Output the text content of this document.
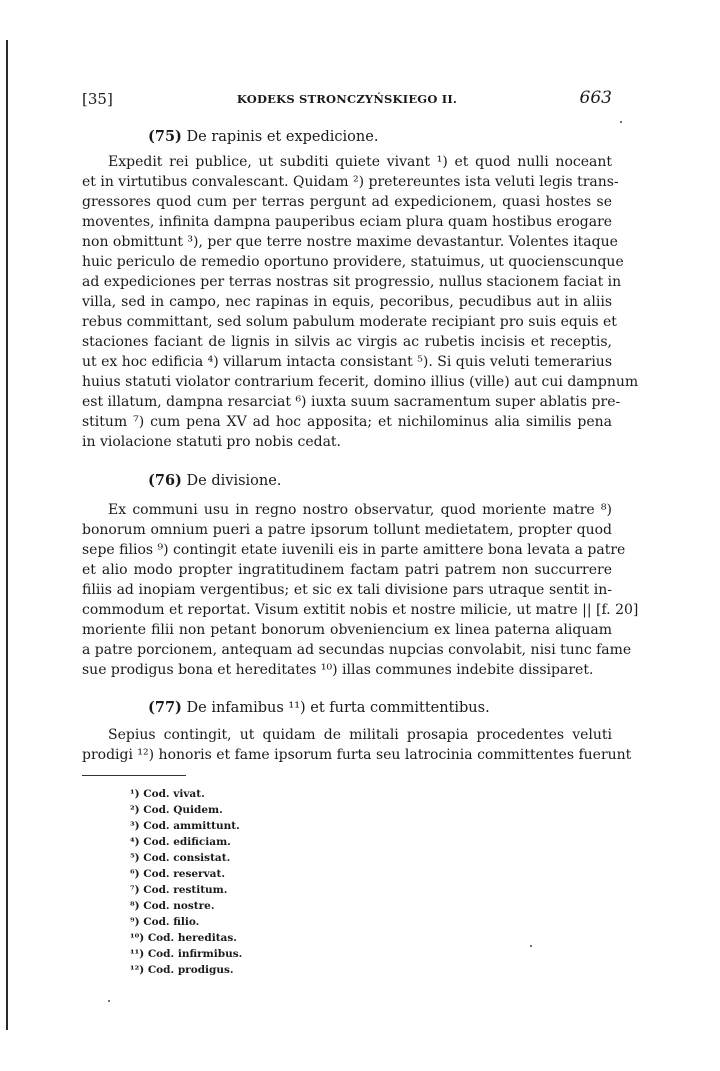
[35]	KODEKS STRONCZYŃSKIEGO II.	663
(75) De rapinis et expedicione.
Expedit rei publice, ut subditi quiete vivant ¹) et quod nulli noceant
et in virtutibus convalescant. Quidam ²) pretereuntes ista veluti legis trans-
gressores quod cum per terras pergunt ad expedicionem, quasi hostes se
moventes, infinita dampna pauperibus eciam plura quam hostibus erogare
non obmittunt ³), per que terre nostre maxime devastantur. Volentes itaque
huic periculo de remedio oportuno providere, statuimus, ut quocienscunque
ad expediciones per terras nostras sit progressio, nullus stacionem faciat in
villa, sed in campo, nec rapinas in equis, pecoribus, pecudibus aut in aliis
rebus committant, sed solum pabulum moderate recipiant pro suis equis et
staciones faciant de lignis in silvis ac virgis ac rubetis incisis et receptis,
ut ex hoc edificia ⁴) villarum intacta consistant ⁵). Si quis veluti temerarius
huius statuti violator contrarium fecerit, domino illius (ville) aut cui dampnum
est illatum, dampna resarciat ⁶) iuxta suum sacramentum super ablatis pre-
stitum ⁷) cum pena XV ad hoc apposita; et nichilominus alia similis pena
in violacione statuti pro nobis cedat.
(76) De divisione.
Ex communi usu in regno nostro observatur, quod moriente matre ⁸)
bonorum omnium pueri a patre ipsorum tollunt medietatem, propter quod
sepe filios ⁹) contingit etate iuvenili eis in parte amittere bona levata a patre
et alio modo propter ingratitudinem factam patri patrem non succurrere
filiis ad inopiam vergentibus; et sic ex tali divisione pars utraque sentit in-
commodum et reportat. Visum extitit nobis et nostre milicie, ut matre || [f. 20]
moriente filii non petant bonorum obveniencium ex linea paterna aliquam
a patre porcionem, antequam ad secundas nupcias convolabit, nisi tunc fame
sue prodigus bona et hereditates ¹⁰) illas communes indebite dissiparet.
(77) De infamibus ¹¹) et furta committentibus.
Sepius contingit, ut quidam de militali prosapia procedentes veluti
prodigi ¹²) honoris et fame ipsorum furta seu latrocinia committentes fuerunt
¹) Cod. vivat.
²) Cod. Quidem.
³) Cod. ammittunt.
⁴) Cod. edificiam.
⁵) Cod. consistat.
⁶) Cod. reservat.
⁷) Cod. restitum.
⁸) Cod. nostre.
⁹) Cod. filio.
¹⁰) Cod. hereditas.
¹¹) Cod. infirmibus.
¹²) Cod. prodigus.
